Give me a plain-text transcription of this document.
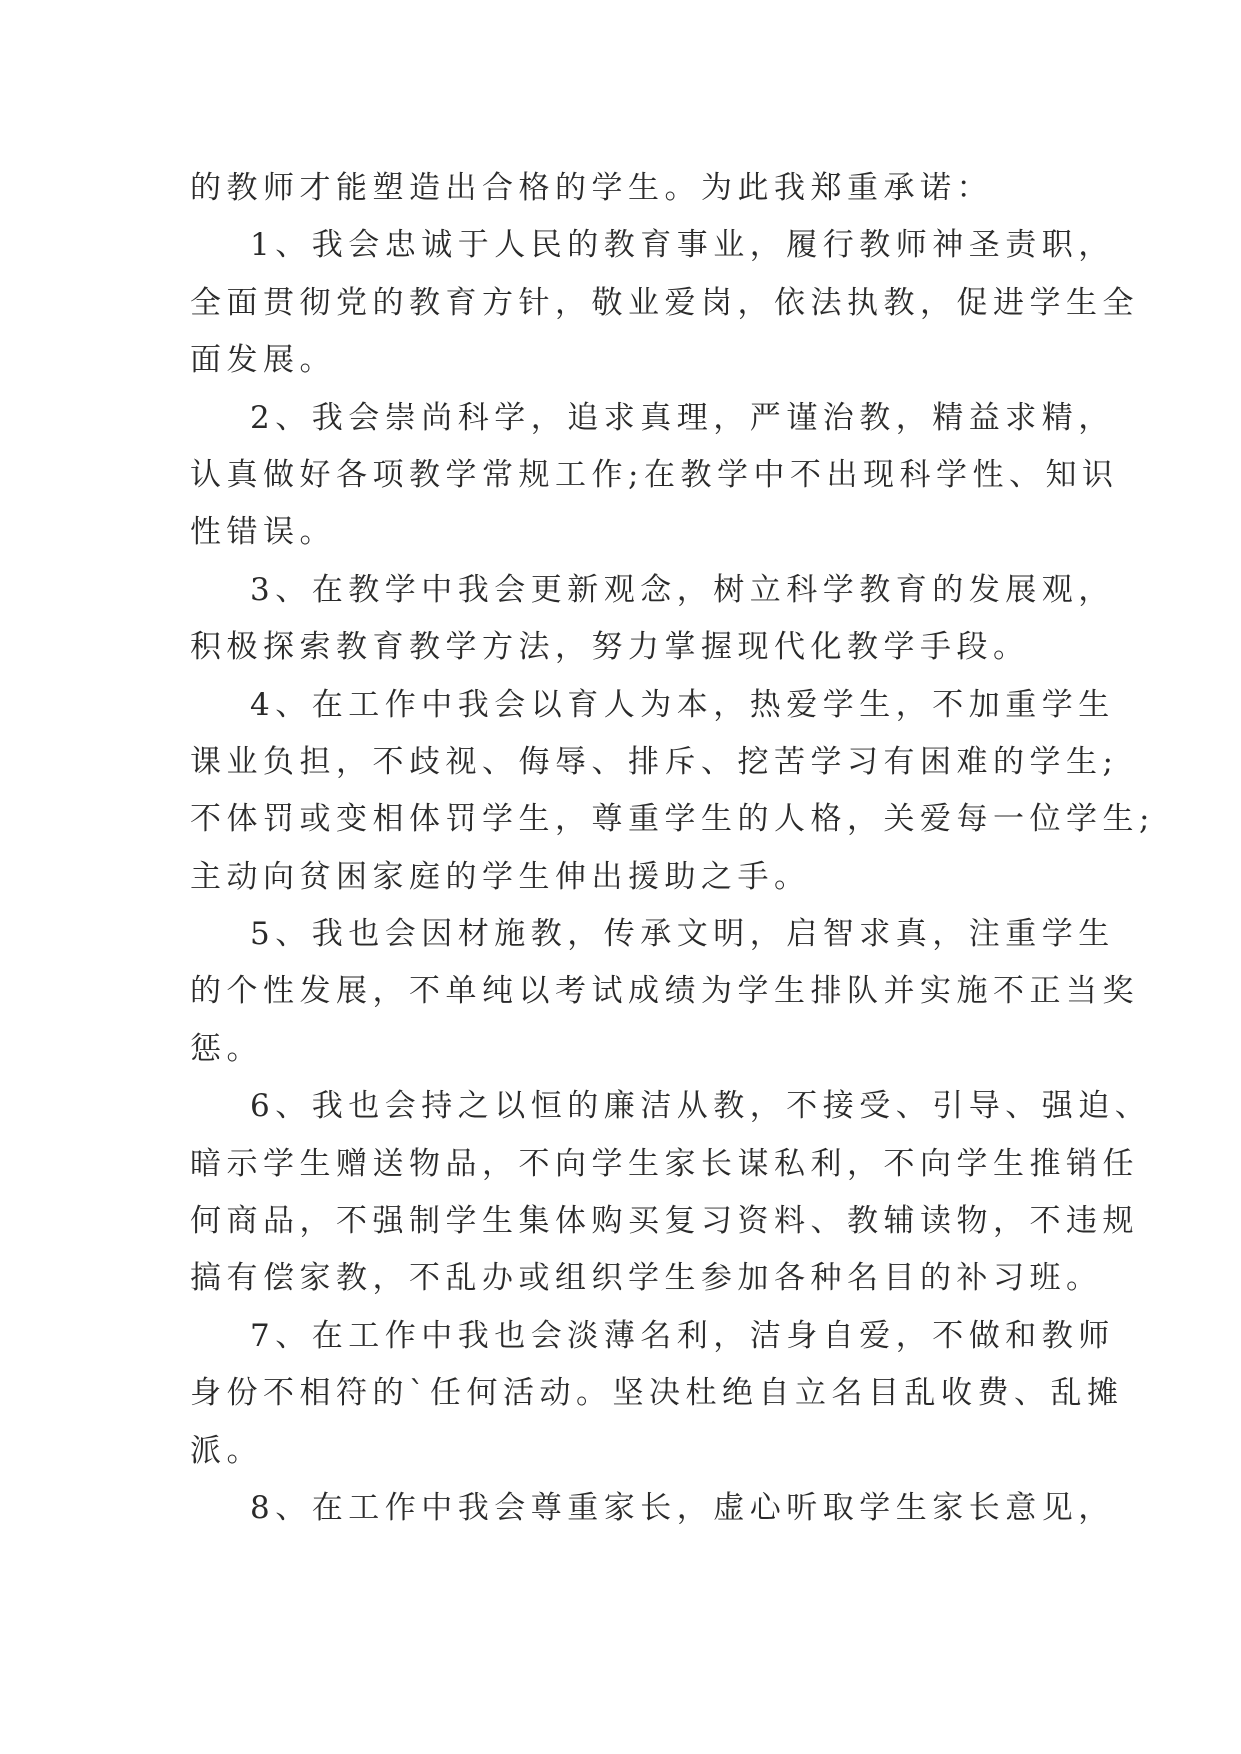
的教师才能塑造出合格的学生。为此我郑重承诺：
1、我会忠诚于人民的教育事业，履行教师神圣责职，
全面贯彻党的教育方针，敬业爱岗，依法执教，促进学生全
面发展。
2、我会崇尚科学，追求真理，严谨治教，精益求精，
认真做好各项教学常规工作;在教学中不出现科学性、知识
性错误。
3、在教学中我会更新观念，树立科学教育的发展观，
积极探索教育教学方法，努力掌握现代化教学手段。
4、在工作中我会以育人为本，热爱学生，不加重学生
课业负担，不歧视、侮辱、排斥、挖苦学习有困难的学生;
不体罚或变相体罚学生，尊重学生的人格，关爱每一位学生;
主动向贫困家庭的学生伸出援助之手。
5、我也会因材施教，传承文明，启智求真，注重学生
的个性发展，不单纯以考试成绩为学生排队并实施不正当奖
惩。
6、我也会持之以恒的廉洁从教，不接受、引导、强迫、
暗示学生赠送物品，不向学生家长谋私利，不向学生推销任
何商品，不强制学生集体购买复习资料、教辅读物，不违规
搞有偿家教，不乱办或组织学生参加各种名目的补习班。
7、在工作中我也会淡薄名利，洁身自爱，不做和教师
身份不相符的`任何活动。坚决杜绝自立名目乱收费、乱摊
派。
8、在工作中我会尊重家长，虚心听取学生家长意见，
